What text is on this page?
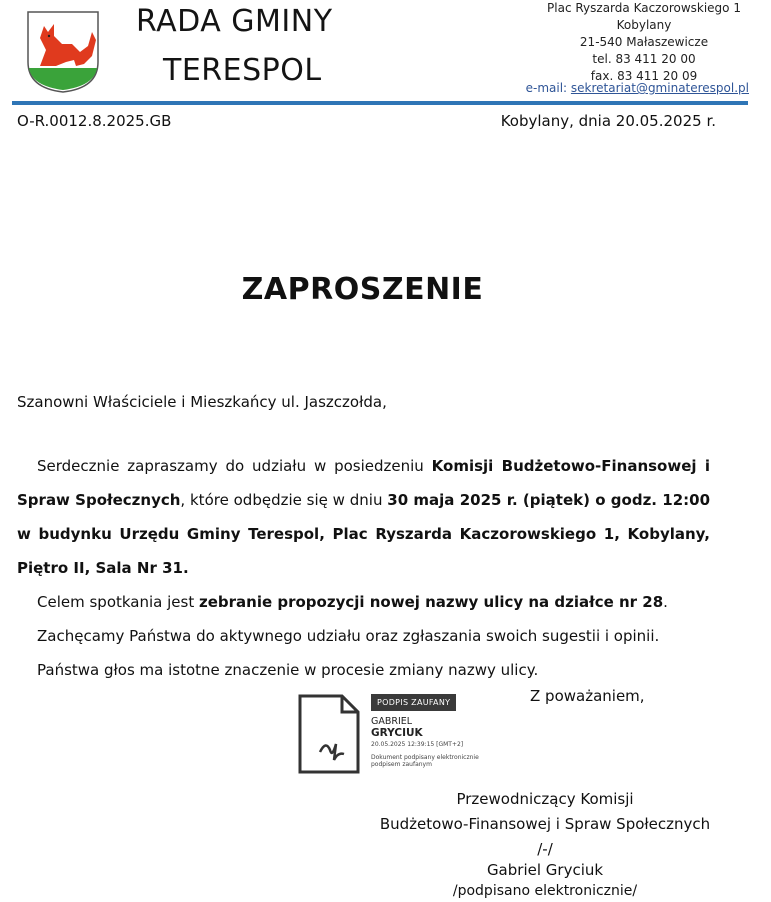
RADA GMINY
TERESPOL
Plac Ryszarda Kaczorowskiego 1
Kobylany
21-540 Małaszewicze
tel. 83 411 20 00
fax. 83 411 20 09
e-mail: sekretariat@gminaterespol.pl
O-R.0012.8.2025.GB	Kobylany, dnia 20.05.2025 r.
ZAPROSZENIE
Szanowni Właściciele i Mieszkańcy ul. Jaszczołda,

Serdecznie zapraszamy do udziału w posiedzeniu Komisji Budżetowo-Finansowej i Spraw Społecznych, które odbędzie się w dniu 30 maja 2025 r. (piątek) o godz. 12:00 w budynku Urzędu Gminy Terespol, Plac Ryszarda Kaczorowskiego 1, Kobylany, Piętro II, Sala Nr 31.

Celem spotkania jest zebranie propozycji nowej nazwy ulicy na działce nr 28.

Zachęcamy Państwa do aktywnego udziału oraz zgłaszania swoich sugestii i opinii.

Państwa głos ma istotne znaczenie w procesie zmiany nazwy ulicy.

Z poważaniem,
PODPIS ZAUFANY
GABRIEL
GRYCIUK
20.05.2025 12:39:15 [GMT+2]
Dokument podpisany elektronicznie podpisem zaufanym
Przewodniczący Komisji
Budżetowo-Finansowej i Spraw Społecznych
/-/
Gabriel Gryciuk
/podpisano elektronicznie/
